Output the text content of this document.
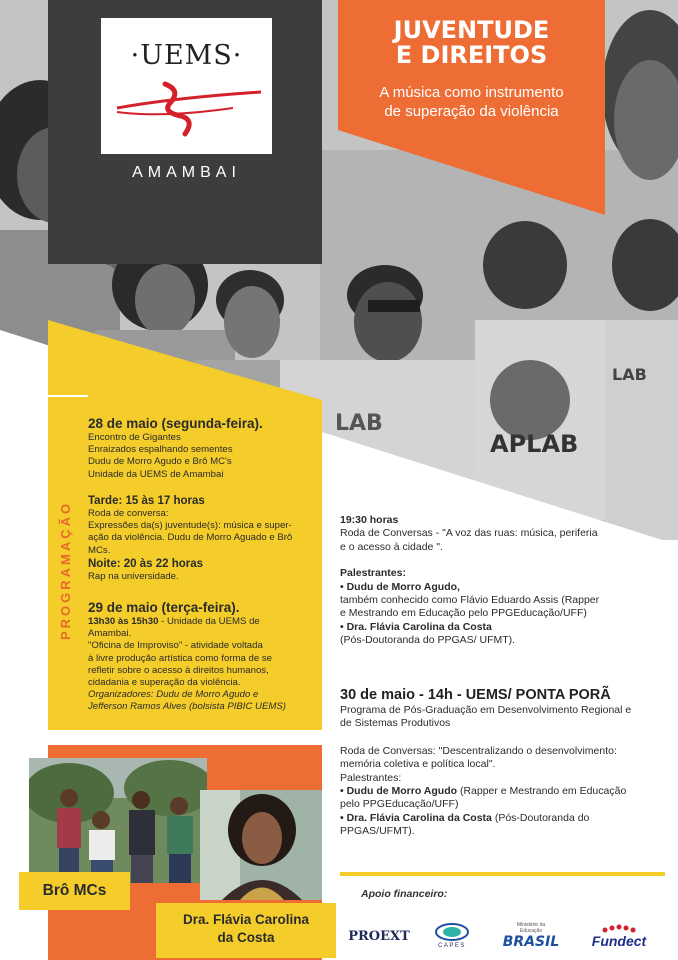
LAB
APLAB
LAB
·UEMS·
AMAMBAI
JUVENTUDE
E DIREITOS
A música como instrumento
de superação da violência
PROGRAMAÇÃO
28 de maio (segunda-feira).
Encontro de Gigantes
Enraizados espalhando sementes
Dudu de Morro Agudo e Brô MC's
Unidade da UEMS de Amambai
Tarde: 15 às 17 horas
Roda de conversa:
Expressões da(s) juventude(s): música e super-
ação da violência. Dudu de Morro Aguado e Brô
MCs.
Noite: 20 às 22 horas
Rap na universidade.
29 de maio (terça-feira).
13h30 às 15h30 - Unidade da UEMS de
Amambai.
"Oficina de Improviso" - atividade voltada
à livre produção artística como forma de se
refletir sobre o acesso à direitos humanos,
cidadania e superação da violência.
Organizadores: Dudu de Morro Agudo e
Jefferson Ramos Alves (bolsista PIBIC UEMS)
19:30 horas
Roda de Conversas - "A voz das ruas: música, periferia
e o acesso à cidade ".
Palestrantes:
• Dudu de Morro Agudo,
também conhecido como Flávio Eduardo Assis (Rapper
e Mestrando em Educação pelo PPGEducação/UFF)
• Dra. Flávia Carolina da Costa
(Pós-Doutoranda do PPGAS/ UFMT).
30 de maio - 14h - UEMS/ PONTA PORÃ
Programa de Pós-Graduação em Desenvolvimento Regional e
de Sistemas Produtivos
Roda de Conversas: "Descentralizando o desenvolvimento:
memória coletiva e política local".
Palestrantes:
• Dudu de Morro Agudo (Rapper e Mestrando em Educação
pelo PPGEducação/UFF)
• Dra. Flávia Carolina da Costa (Pós-Doutoranda do
PPGAS/UFMT).
Brô MCs
Dra. Flávia Carolina
da Costa
Apoio financeiro:
PROEXT
CAPES
Ministério da
Educação
BRASIL Fundect
